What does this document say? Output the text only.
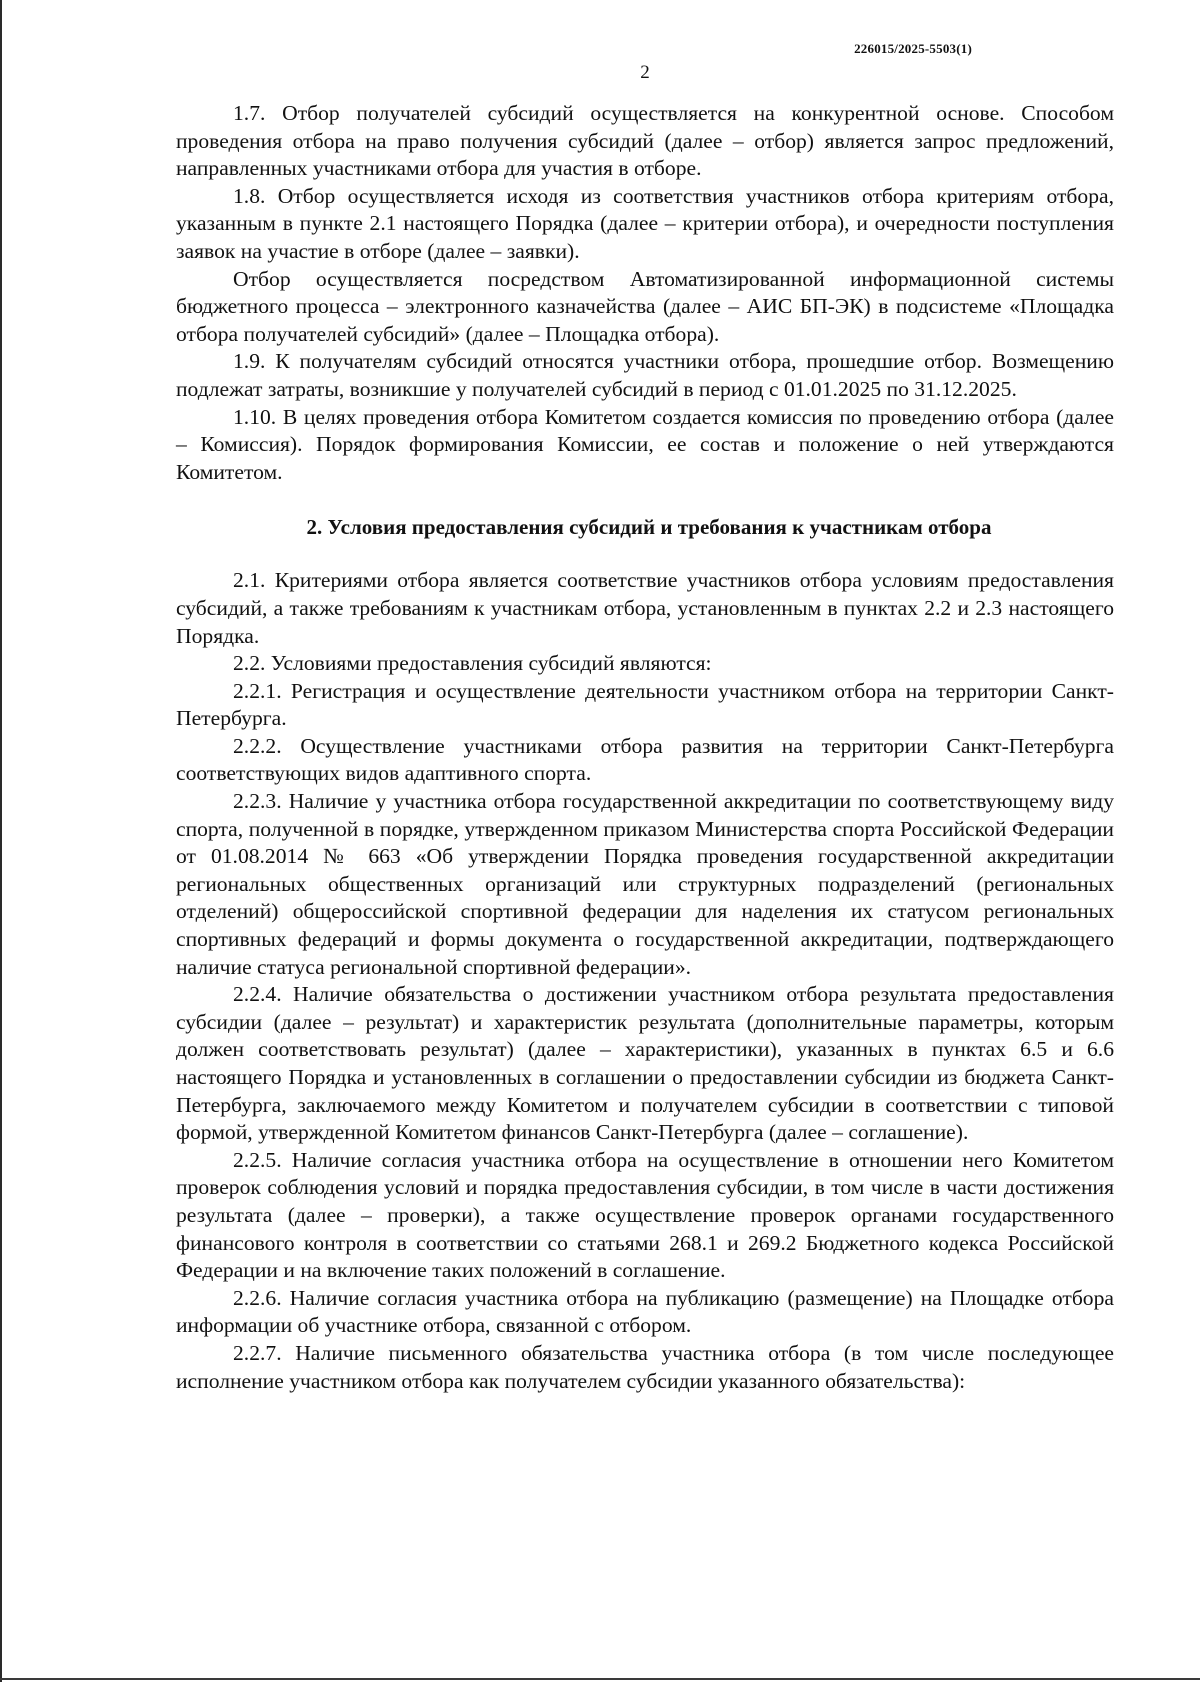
226015/2025-5503(1)
2

1.7. Отбор получателей субсидий осуществляется на конкурентной основе. Способом проведения отбора на право получения субсидий (далее – отбор) является запрос предложений, направленных участниками отбора для участия в отборе.

1.8. Отбор осуществляется исходя из соответствия участников отбора критериям отбора, указанным в пункте 2.1 настоящего Порядка (далее – критерии отбора), и очередности поступления заявок на участие в отборе (далее – заявки).

Отбор осуществляется посредством Автоматизированной информационной системы бюджетного процесса – электронного казначейства (далее – АИС БП-ЭК) в подсистеме «Площадка отбора получателей субсидий» (далее – Площадка отбора).

1.9. К получателям субсидий относятся участники отбора, прошедшие отбор. Возмещению подлежат затраты, возникшие у получателей субсидий в период с 01.01.2025 по 31.12.2025.

1.10. В целях проведения отбора Комитетом создается комиссия по проведению отбора (далее – Комиссия). Порядок формирования Комиссии, ее состав и положение о ней утверждаются Комитетом.

2. Условия предоставления субсидий и требования к участникам отбора

2.1. Критериями отбора является соответствие участников отбора условиям предоставления субсидий, а также требованиям к участникам отбора, установленным в пунктах 2.2 и 2.3 настоящего Порядка.

2.2. Условиями предоставления субсидий являются:

2.2.1. Регистрация и осуществление деятельности участником отбора на территории Санкт-Петербурга.

2.2.2. Осуществление участниками отбора развития на территории Санкт-Петербурга соответствующих видов адаптивного спорта.

2.2.3. Наличие у участника отбора государственной аккредитации по соответствующему виду спорта, полученной в порядке, утвержденном приказом Министерства спорта Российской Федерации от 01.08.2014 № 663 «Об утверждении Порядка проведения государственной аккредитации региональных общественных организаций или структурных подразделений (региональных отделений) общероссийской спортивной федерации для наделения их статусом региональных спортивных федераций и формы документа о государственной аккредитации, подтверждающего наличие статуса региональной спортивной федерации».

2.2.4. Наличие обязательства о достижении участником отбора результата предоставления субсидии (далее – результат) и характеристик результата (дополнительные параметры, которым должен соответствовать результат) (далее – характеристики), указанных в пунктах 6.5 и 6.6 настоящего Порядка и установленных в соглашении о предоставлении субсидии из бюджета Санкт-Петербурга, заключаемого между Комитетом и получателем субсидии в соответствии с типовой формой, утвержденной Комитетом финансов Санкт-Петербурга (далее – соглашение).

2.2.5. Наличие согласия участника отбора на осуществление в отношении него Комитетом проверок соблюдения условий и порядка предоставления субсидии, в том числе в части достижения результата (далее – проверки), а также осуществление проверок органами государственного финансового контроля в соответствии со статьями 268.1 и 269.2 Бюджетного кодекса Российской Федерации и на включение таких положений в соглашение.

2.2.6. Наличие согласия участника отбора на публикацию (размещение) на Площадке отбора информации об участнике отбора, связанной с отбором.

2.2.7. Наличие письменного обязательства участника отбора (в том числе последующее исполнение участником отбора как получателем субсидии указанного обязательства):
